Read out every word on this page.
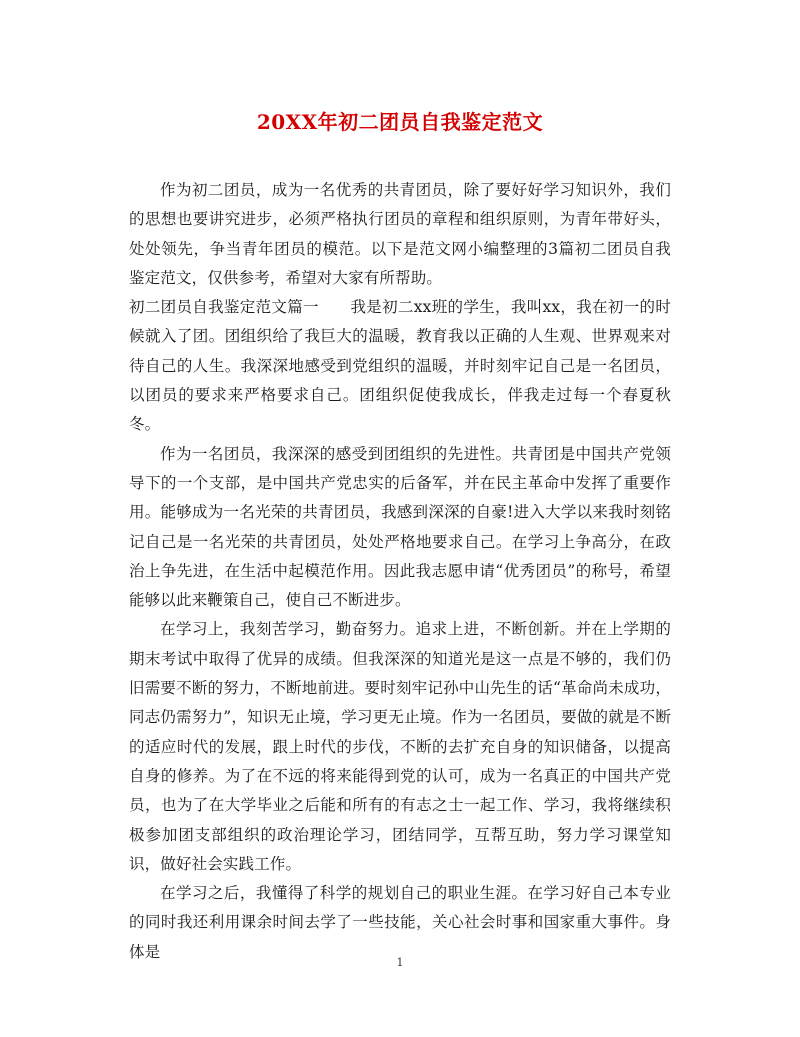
20XX年初二团员自我鉴定范文

作为初二团员，成为一名优秀的共青团员，除了要好好学习知识外，我们的思想也要讲究进步，必须严格执行团员的章程和组织原则，为青年带好头，处处领先，争当青年团员的模范。以下是范文网小编整理的3篇初二团员自我鉴定范文，仅供参考，希望对大家有所帮助。

初二团员自我鉴定范文篇一　　我是初二xx班的学生，我叫xx，我在初一的时候就入了团。团组织给了我巨大的温暖，教育我以正确的人生观、世界观来对待自己的人生。我深深地感受到党组织的温暖，并时刻牢记自己是一名团员，以团员的要求来严格要求自己。团组织促使我成长，伴我走过每一个春夏秋冬。

作为一名团员，我深深的感受到团组织的先进性。共青团是中国共产党领导下的一个支部，是中国共产党忠实的后备军，并在民主革命中发挥了重要作用。能够成为一名光荣的共青团员，我感到深深的自豪!进入大学以来我时刻铭记自己是一名光荣的共青团员，处处严格地要求自己。在学习上争高分，在政治上争先进，在生活中起模范作用。因此我志愿申请“优秀团员”的称号，希望能够以此来鞭策自己，使自己不断进步。

在学习上，我刻苦学习，勤奋努力。追求上进，不断创新。并在上学期的期末考试中取得了优异的成绩。但我深深的知道光是这一点是不够的，我们仍旧需要不断的努力，不断地前进。要时刻牢记孙中山先生的话“革命尚未成功，同志仍需努力”，知识无止境，学习更无止境。作为一名团员，要做的就是不断的适应时代的发展，跟上时代的步伐，不断的去扩充自身的知识储备，以提高自身的修养。为了在不远的将来能得到党的认可，成为一名真正的中国共产党员，也为了在大学毕业之后能和所有的有志之士一起工作、学习，我将继续积极参加团支部组织的政治理论学习，团结同学，互帮互助，努力学习课堂知识，做好社会实践工作。

在学习之后，我懂得了科学的规划自己的职业生涯。在学习好自己本专业的同时我还利用课余时间去学了一些技能，关心社会时事和国家重大事件。身体是

1
